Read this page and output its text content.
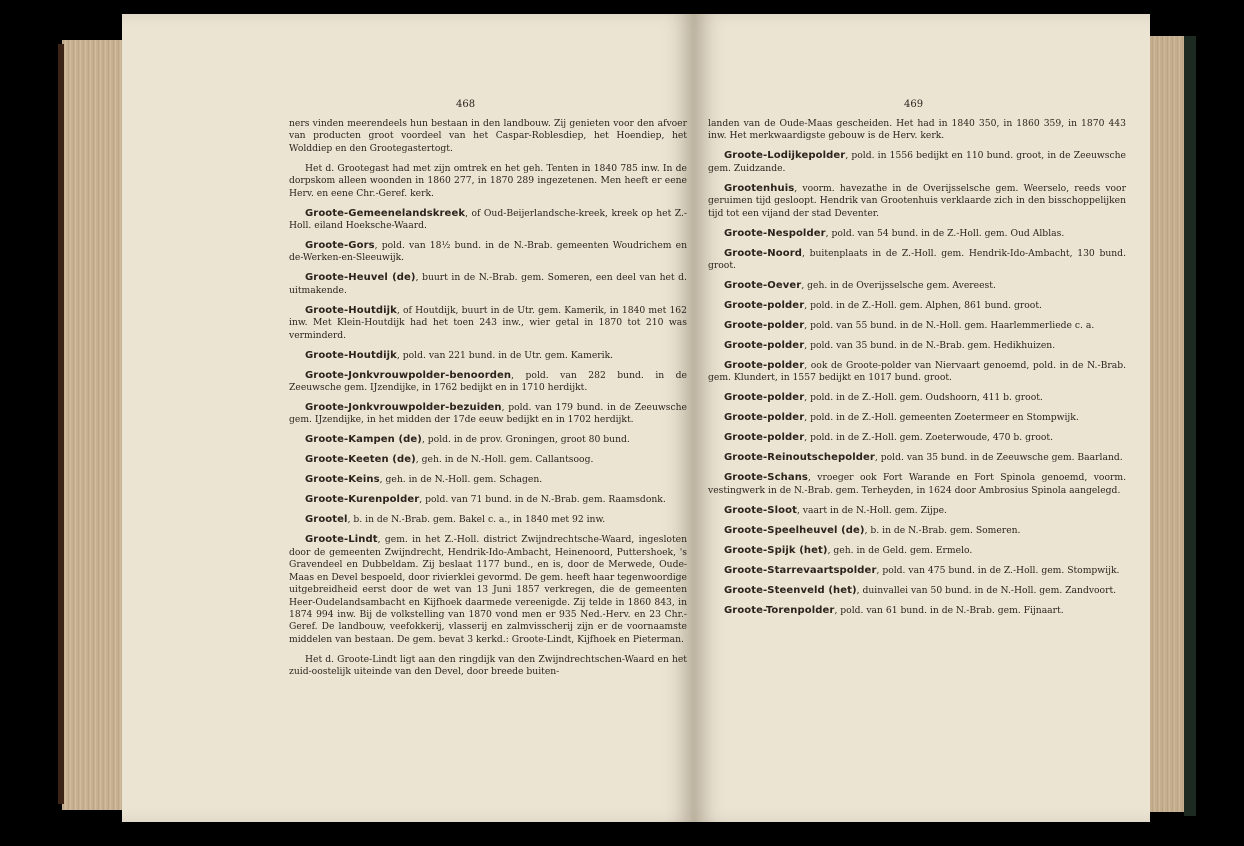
468

ners vinden meerendeels hun bestaan in den landbouw. Zij genieten voor den afvoer van producten groot voordeel van het Caspar-Roblesdiep, het Hoendiep, het Wolddiep en den Grootegastertogt.

Het d. Grootegast had met zijn omtrek en het geh. Tenten in 1840 785 inw. In de dorpskom alleen woonden in 1860 277, in 1870 289 ingezetenen. Men heeft er eene Herv. en eene Chr.-Geref. kerk.

Groote-Gemeenelandskreek, of Oud-Beijerlandsche-kreek, kreek op het Z.-Holl. eiland Hoeksche-Waard.

Groote-Gors, pold. van 18½ bund. in de N.-Brab. gemeenten Woudrichem en de-Werken-en-Sleeuwijk.

Groote-Heuvel (de), buurt in de N.-Brab. gem. Someren, een deel van het d. uitmakende.

Groote-Houtdijk, of Houtdijk, buurt in de Utr. gem. Kamerik, in 1840 met 162 inw. Met Klein-Houtdijk had het toen 243 inw., wier getal in 1870 tot 210 was verminderd.

Groote-Houtdijk, pold. van 221 bund. in de Utr. gem. Kamerik.

Groote-Jonkvrouwpolder-benoorden, pold. van 282 bund. in de Zeeuwsche gem. IJzendijke, in 1762 bedijkt en in 1710 herdijkt.

Groote-Jonkvrouwpolder-bezuiden, pold. van 179 bund. in de Zeeuwsche gem. IJzendijke, in het midden der 17de eeuw bedijkt en in 1702 herdijkt.

Groote-Kampen (de), pold. in de prov. Groningen, groot 80 bund.

Groote-Keeten (de), geh. in de N.-Holl. gem. Callantsoog.

Groote-Keins, geh. in de N.-Holl. gem. Schagen.

Groote-Kurenpolder, pold. van 71 bund. in de N.-Brab. gem. Raamsdonk.

Grootel, b. in de N.-Brab. gem. Bakel c. a., in 1840 met 92 inw.

Groote-Lindt, gem. in het Z.-Holl. district Zwijndrechtsche-Waard, ingesloten door de gemeenten Zwijndrecht, Hendrik-Ido-Ambacht, Heinenoord, Puttershoek, 's Gravendeel en Dubbeldam. Zij beslaat 1177 bund., en is, door de Merwede, Oude-Maas en Devel bespoeld, door rivierklei gevormd. De gem. heeft haar tegenwoordige uitgebreidheid eerst door de wet van 13 Juni 1857 verkregen, die de gemeenten Heer-Oudelandsambacht en Kijfhoek daarmede vereenigde. Zij telde in 1860 843, in 1874 994 inw. Bij de volkstelling van 1870 vond men er 935 Ned.-Herv. en 23 Chr.-Geref. De landbouw, veefokkerij, vlasserij en zalmvisscherij zijn er de voornaamste middelen van bestaan. De gem. bevat 3 kerkd.: Groote-Lindt, Kijfhoek en Pieterman.

Het d. Groote-Lindt ligt aan den ringdijk van den Zwijndrechtschen-Waard en het zuid-oostelijk uiteinde van den Devel, door breede buiten-

469

landen van de Oude-Maas gescheiden. Het had in 1840 350, in 1860 359, in 1870 443 inw. Het merkwaardigste gebouw is de Herv. kerk.

Groote-Lodijkepolder, pold. in 1556 bedijkt en 110 bund. groot, in de Zeeuwsche gem. Zuidzande.

Grootenhuis, voorm. havezathe in de Overijsselsche gem. Weerselo, reeds voor geruimen tijd gesloopt. Hendrik van Grootenhuis verklaarde zich in den bisschoppelijken tijd tot een vijand der stad Deventer.

Groote-Nespolder, pold. van 54 bund. in de Z.-Holl. gem. Oud Alblas.

Groote-Noord, buitenplaats in de Z.-Holl. gem. Hendrik-Ido-Ambacht, 130 bund. groot.

Groote-Oever, geh. in de Overijsselsche gem. Avereest.

Groote-polder, pold. in de Z.-Holl. gem. Alphen, 861 bund. groot.

Groote-polder, pold. van 55 bund. in de N.-Holl. gem. Haarlemmerliede c. a.

Groote-polder, pold. van 35 bund. in de N.-Brab. gem. Hedikhuizen.

Groote-polder, ook de Groote-polder van Niervaart genoemd, pold. in de N.-Brab. gem. Klundert, in 1557 bedijkt en 1017 bund. groot.

Groote-polder, pold. in de Z.-Holl. gem. Oudshoorn, 411 b. groot.

Groote-polder, pold. in de Z.-Holl. gemeenten Zoetermeer en Stompwijk.

Groote-polder, pold. in de Z.-Holl. gem. Zoeterwoude, 470 b. groot.

Groote-Reinoutschepolder, pold. van 35 bund. in de Zeeuwsche gem. Baarland.

Groote-Schans, vroeger ook Fort Warande en Fort Spinola genoemd, voorm. vestingwerk in de N.-Brab. gem. Terheyden, in 1624 door Ambrosius Spinola aangelegd.

Groote-Sloot, vaart in de N.-Holl. gem. Zijpe.

Groote-Speelheuvel (de), b. in de N.-Brab. gem. Someren.

Groote-Spijk (het), geh. in de Geld. gem. Ermelo.

Groote-Starrevaartspolder, pold. van 475 bund. in de Z.-Holl. gem. Stompwijk.

Groote-Steenveld (het), duinvallei van 50 bund. in de N.-Holl. gem. Zandvoort.

Groote-Torenpolder, pold. van 61 bund. in de N.-Brab. gem. Fijnaart.
